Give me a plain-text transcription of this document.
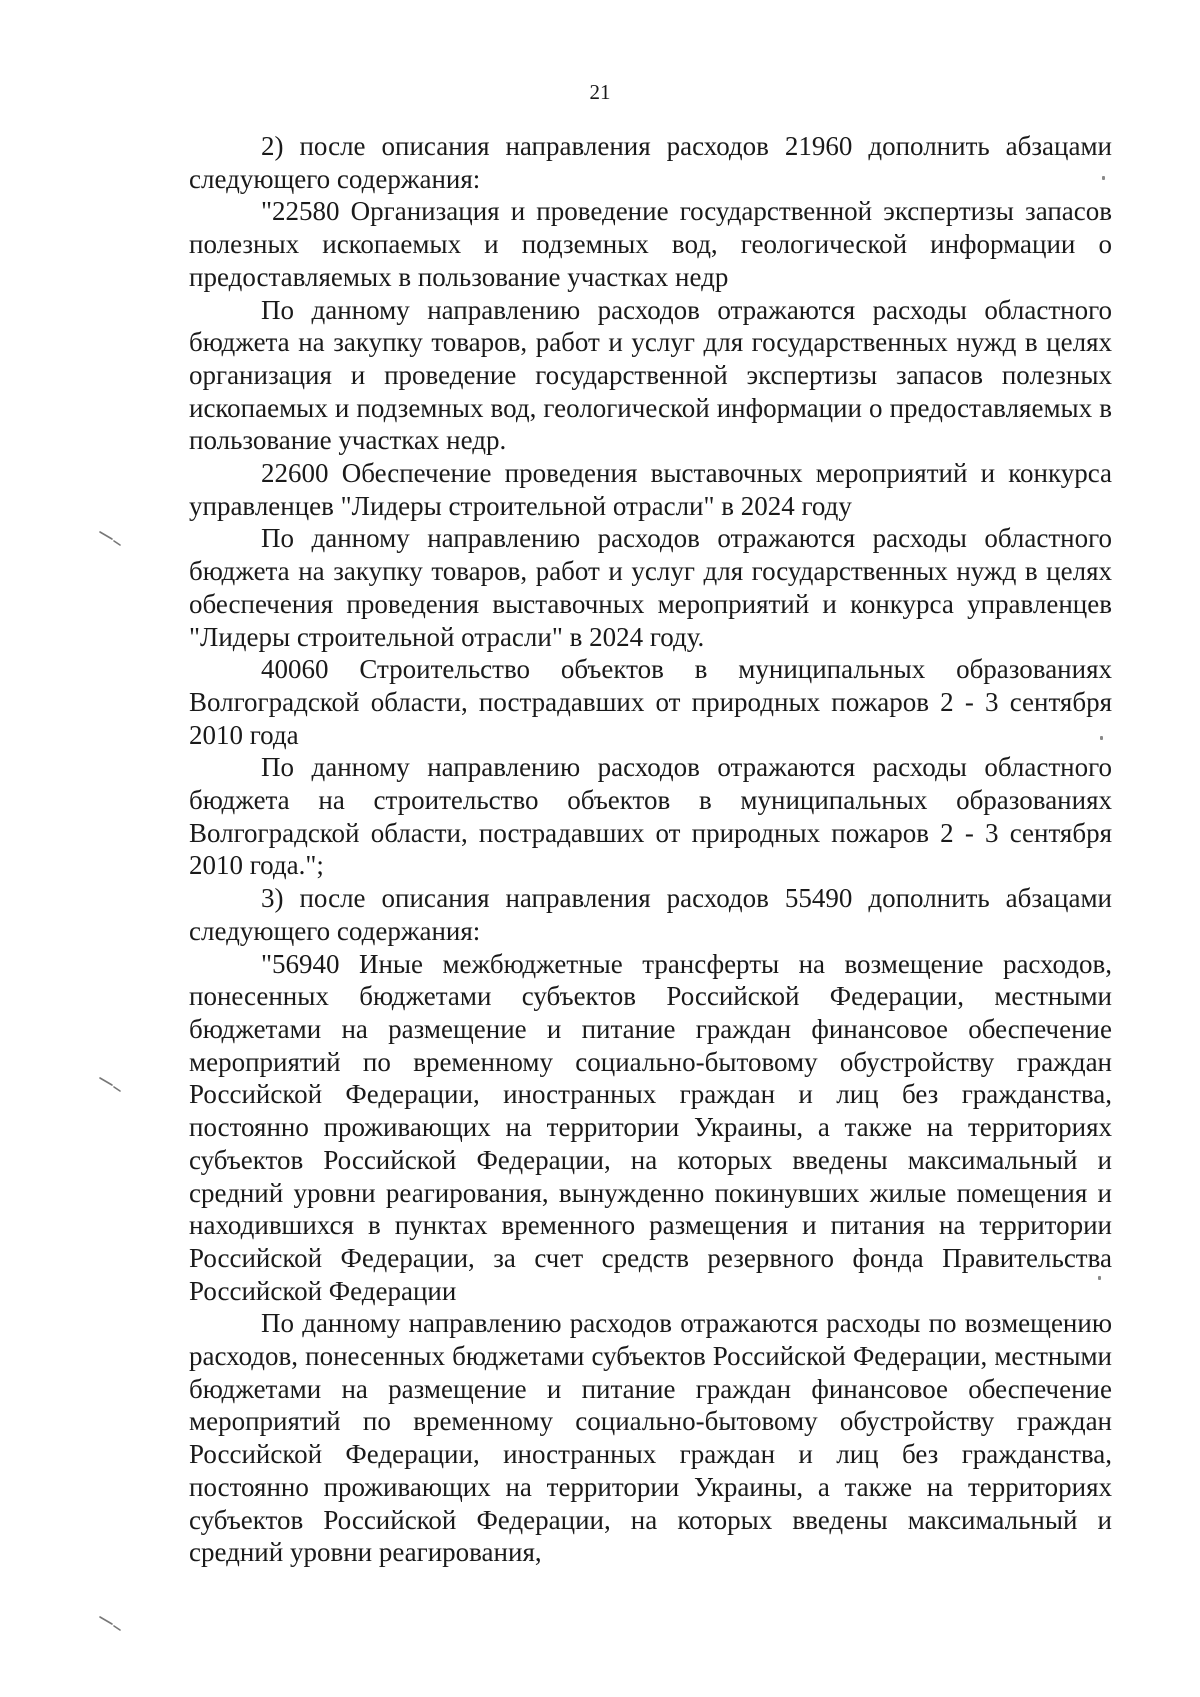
21

2) после описания направления расходов 21960 дополнить абзацами следующего содержания:

"22580 Организация и проведение государственной экспертизы запасов полезных ископаемых и подземных вод, геологической информации о предоставляемых в пользование участках недр

По данному направлению расходов отражаются расходы областного бюджета на закупку товаров, работ и услуг для государственных нужд в целях организация и проведение государственной экспертизы запасов полезных ископаемых и подземных вод, геологической информации о предоставляемых в пользование участках недр.

22600 Обеспечение проведения выставочных мероприятий и конкурса управленцев "Лидеры строительной отрасли" в 2024 году

По данному направлению расходов отражаются расходы областного бюджета на закупку товаров, работ и услуг для государственных нужд в целях обеспечения проведения выставочных мероприятий и конкурса управленцев "Лидеры строительной отрасли" в 2024 году.

40060 Строительство объектов в муниципальных образованиях Волгоградской области, пострадавших от природных пожаров 2 - 3 сентября 2010 года

По данному направлению расходов отражаются расходы областного бюджета на строительство объектов в муниципальных образованиях Волгоградской области, пострадавших от природных пожаров 2 - 3 сентября 2010 года.";

3) после описания направления расходов 55490 дополнить абзацами следующего содержания:

"56940 Иные межбюджетные трансферты на возмещение расходов, понесенных бюджетами субъектов Российской Федерации, местными бюджетами на размещение и питание граждан финансовое обеспечение мероприятий по временному социально-бытовому обустройству граждан Российской Федерации, иностранных граждан и лиц без гражданства, постоянно проживающих на территории Украины, а также на территориях субъектов Российской Федерации, на которых введены максимальный и средний уровни реагирования, вынужденно покинувших жилые помещения и находившихся в пунктах временного размещения и питания на территории Российской Федерации, за счет средств резервного фонда Правительства Российской Федерации

По данному направлению расходов отражаются расходы по возмещению расходов, понесенных бюджетами субъектов Российской Федерации, местными бюджетами на размещение и питание граждан финансовое обеспечение мероприятий по временному социально-бытовому обустройству граждан Российской Федерации, иностранных граждан и лиц без гражданства, постоянно проживающих на территории Украины, а также на территориях субъектов Российской Федерации, на которых введены максимальный и средний уровни реагирования,
